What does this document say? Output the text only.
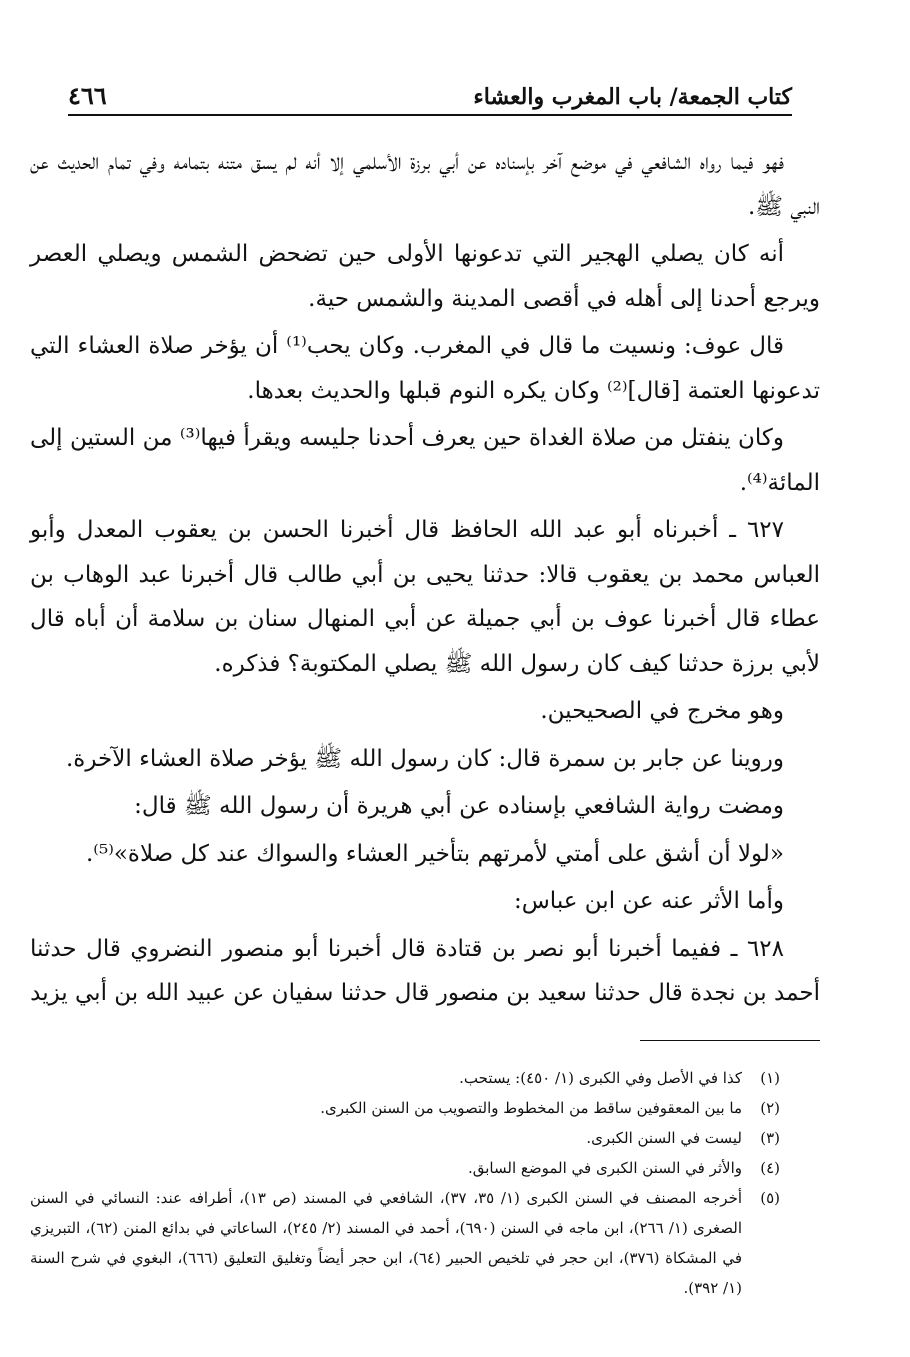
كتاب الجمعة/ باب المغرب والعشاء
٤٦٦

فهو فيما رواه الشافعي في موضع آخر بإسناده عن أبي برزة الأسلمي إلا أنه لم يسق متنه بتمامه وفي تمام الحديث عن النبي ﷺ.

أنه كان يصلي الهجير التي تدعونها الأولى حين تضحض الشمس ويصلي العصر ويرجع أحدنا إلى أهله في أقصى المدينة والشمس حية.

قال عوف: ونسيت ما قال في المغرب. وكان يحب⁽¹⁾ أن يؤخر صلاة العشاء التي تدعونها العتمة [قال]⁽²⁾ وكان يكره النوم قبلها والحديث بعدها.

وكان ينفتل من صلاة الغداة حين يعرف أحدنا جليسه ويقرأ فيها⁽³⁾ من الستين إلى المائة⁽⁴⁾.

٦٢٧ ـ أخبرناه أبو عبد الله الحافظ قال أخبرنا الحسن بن يعقوب المعدل وأبو العباس محمد بن يعقوب قالا: حدثنا يحيى بن أبي طالب قال أخبرنا عبد الوهاب بن عطاء قال أخبرنا عوف بن أبي جميلة عن أبي المنهال سنان بن سلامة أن أباه قال لأبي برزة حدثنا كيف كان رسول الله ﷺ يصلي المكتوبة؟ فذكره.

وهو مخرج في الصحيحين.

وروينا عن جابر بن سمرة قال: كان رسول الله ﷺ يؤخر صلاة العشاء الآخرة.

ومضت رواية الشافعي بإسناده عن أبي هريرة أن رسول الله ﷺ قال:

«لولا أن أشق على أمتي لأمرتهم بتأخير العشاء والسواك عند كل صلاة»⁽⁵⁾.

وأما الأثر عنه عن ابن عباس:

٦٢٨ ـ ففيما أخبرنا أبو نصر بن قتادة قال أخبرنا أبو منصور النضروي قال حدثنا أحمد بن نجدة قال حدثنا سعيد بن منصور قال حدثنا سفيان عن عبيد الله بن أبي يزيد

(١)
كذا في الأصل وفي الكبرى (١/ ٤٥٠): يستحب.
(٢)
ما بين المعقوفين ساقط من المخطوط والتصويب من السنن الكبرى.
(٣)
ليست في السنن الكبرى.
(٤)
والأثر في السنن الكبرى في الموضع السابق.
(٥)
أخرجه المصنف في السنن الكبرى (١/ ٣٥، ٣٧)، الشافعي في المسند (ص ١٣)، أطرافه عند: النسائي في السنن الصغرى (١/ ٢٦٦)، ابن ماجه في السنن (٦٩٠)، أحمد في المسند (٢/ ٢٤٥)، الساعاتي في بدائع المنن (٦٢)، التبريزي في المشكاة (٣٧٦)، ابن حجر في تلخيص الحبير (٦٤)، ابن حجر أيضاً وتغليق التعليق (٦٦٦)، البغوي في شرح السنة (١/ ٣٩٢).
